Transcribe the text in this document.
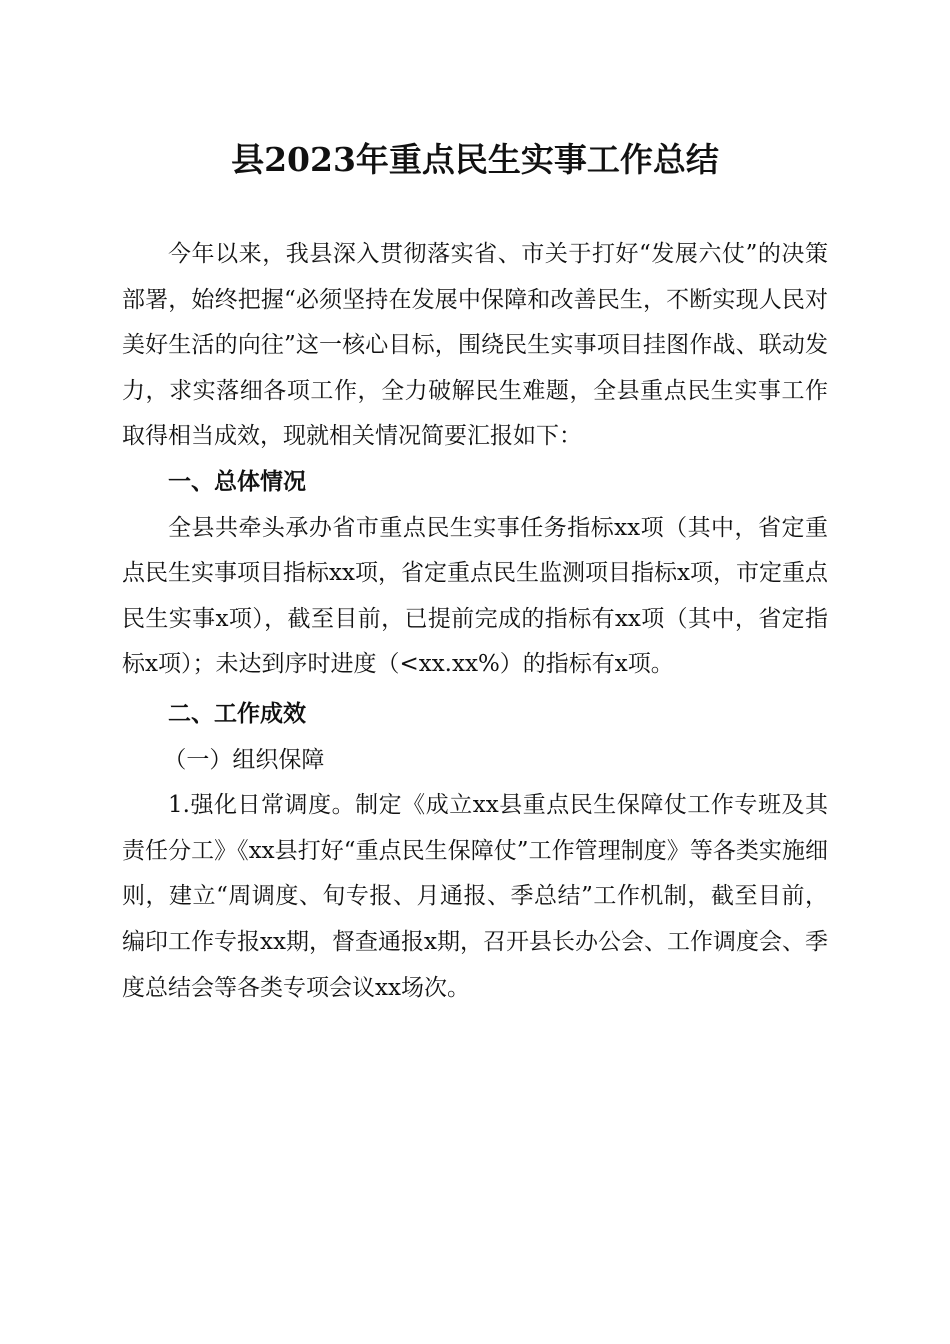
县2023年重点民生实事工作总结

今年以来，我县深入贯彻落实省、市关于打好“发展六仗”的决策部署，始终把握“必须坚持在发展中保障和改善民生，不断实现人民对美好生活的向往”这一核心目标，围绕民生实事项目挂图作战、联动发力，求实落细各项工作，全力破解民生难题，全县重点民生实事工作取得相当成效，现就相关情况简要汇报如下：

一、总体情况

全县共牵头承办省市重点民生实事任务指标xx项（其中，省定重点民生实事项目指标xx项，省定重点民生监测项目指标x项，市定重点民生实事x项），截至目前，已提前完成的指标有xx项（其中，省定指标x项）；未达到序时进度（<xx.xx%）的指标有x项。

二、工作成效

（一）组织保障

1.强化日常调度。制定《成立xx县重点民生保障仗工作专班及其责任分工》《xx县打好“重点民生保障仗”工作管理制度》等各类实施细则，建立“周调度、旬专报、月通报、季总结”工作机制，截至目前，编印工作专报xx期，督查通报x期，召开县长办公会、工作调度会、季度总结会等各类专项会议xx场次。
